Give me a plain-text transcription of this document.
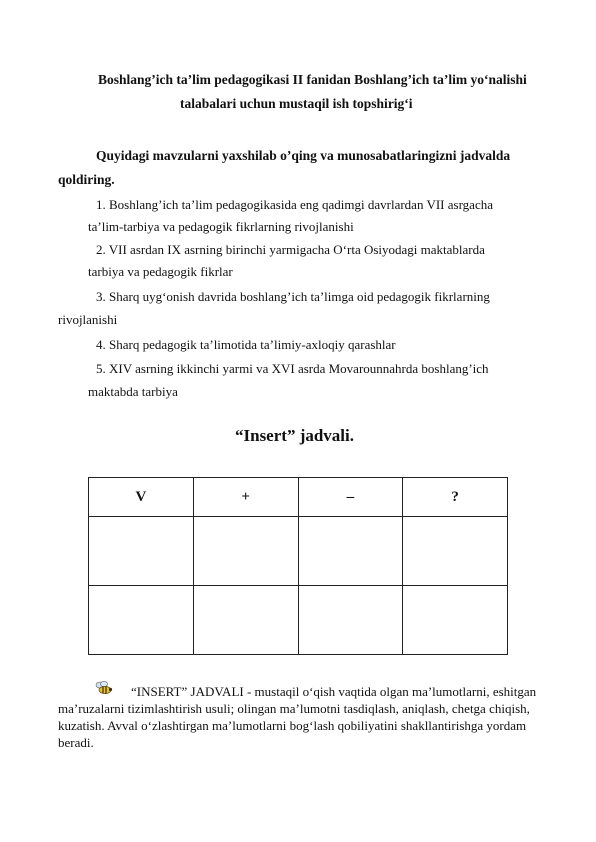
Boshlang’ich ta’lim pedagogikasi II fanidan Boshlang’ich ta’lim yo‘nalishi
talabalari uchun mustaqil ish topshirig‘i
Quyidagi mavzularni yaxshilab o’qing va munosabatlaringizni jadvalda
qoldiring.
1. Boshlang’ich ta’lim pedagogikasida eng qadimgi davrlardan VII asrgacha
ta’lim-tarbiya va pedagogik fikrlarning rivojlanishi
2. VII asrdan IX asrning birinchi yarmigacha O‘rta Osiyodagi maktablarda
tarbiya va pedagogik fikrlar
3. Sharq uyg‘onish davrida boshlang’ich ta’limga oid pedagogik fikrlarning
rivojlanishi
4. Sharq pedagogik ta’limotida ta’limiy-axloqiy qarashlar
5. XIV asrning ikkinchi yarmi va XVI asrda Movarounnahrda boshlang’ich
maktabda tarbiya
“Insert” jadvali.
V	+	–	?

“INSERT” JADVALI - mustaqil o‘qish vaqtida olgan ma’lumotlarni, eshitgan ma’ruzalarni tizimlashtirish usuli; olingan ma’lumotni tasdiqlash, aniqlash, chetga chiqish, kuzatish. Avval o‘zlashtirgan ma’lumotlarni bog‘lash qobiliyatini shakllantirishga yordam beradi.
